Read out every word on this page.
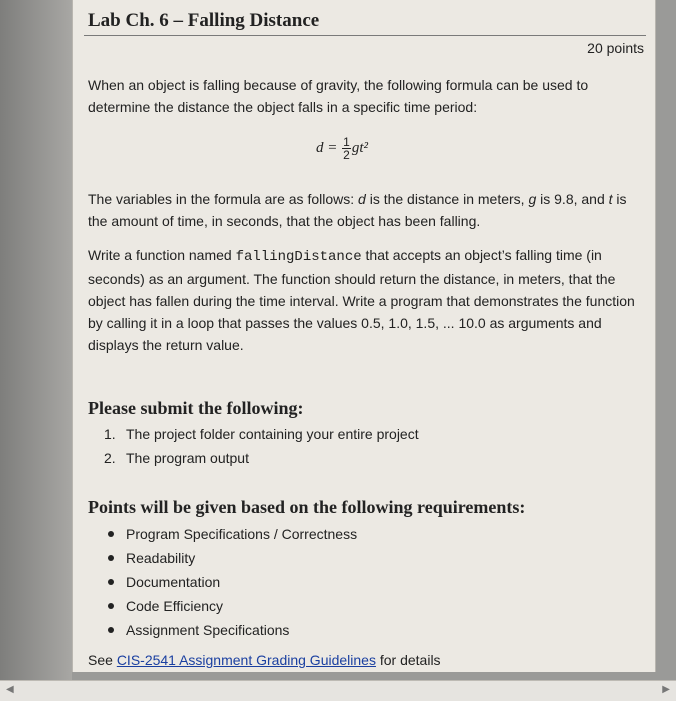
Lab Ch. 6 – Falling Distance
20 points
When an object is falling because of gravity, the following formula can be used to determine the distance the object falls in a specific time period:
$d = \frac{1}{2} gt^2$
The variables in the formula are as follows: d is the distance in meters, g is 9.8, and t is the amount of time, in seconds, that the object has been falling.
Write a function named fallingDistance that accepts an object’s falling time (in seconds) as an argument. The function should return the distance, in meters, that the object has fallen during the time interval. Write a program that demonstrates the function by calling it in a loop that passes the values 0.5, 1.0, 1.5, ... 10.0 as arguments and displays the return value.
Please submit the following:
1. The project folder containing your entire project
2. The program output
Points will be given based on the following requirements:
Program Specifications / Correctness
Readability
Documentation
Code Efficiency
Assignment Specifications
See CIS-2541 Assignment Grading Guidelines for details
◀	▶
